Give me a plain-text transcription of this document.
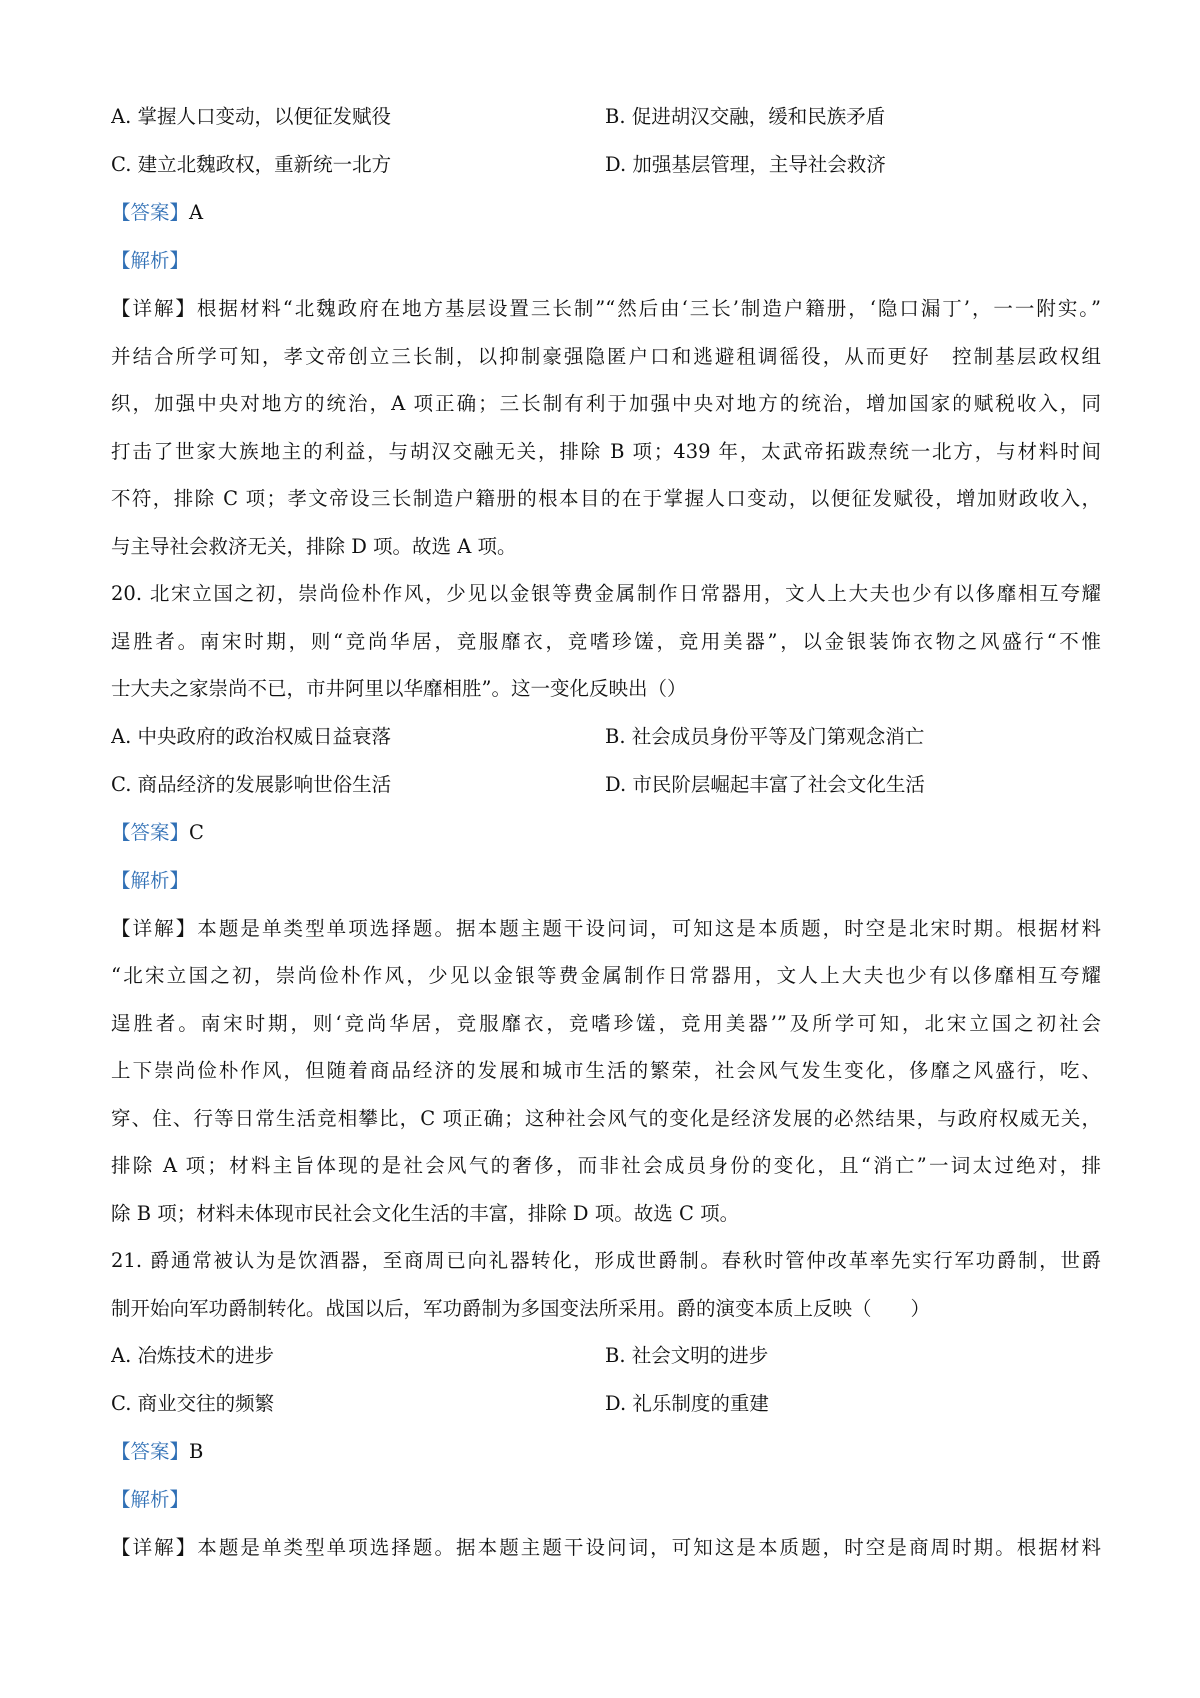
A. 掌握人口变动，以便征发赋役	B. 促进胡汉交融，缓和民族矛盾
C. 建立北魏政权，重新统一北方	D. 加强基层管理，主导社会救济
【答案】A
【解析】
【详解】根据材料“北魏政府在地方基层设置三长制”“然后由‘三长’制造户籍册，‘隐口漏丁’，一一附实。”
并结合所学可知，孝文帝创立三长制，以抑制豪强隐匿户口和逃避租调徭役，从而更好　控制基层政权组
织，加强中央对地方的统治，A 项正确；三长制有利于加强中央对地方的统治，增加国家的赋税收入，同
打击了世家大族地主的利益，与胡汉交融无关，排除 B 项；439 年，太武帝拓跋焘统一北方，与材料时间
不符，排除 C 项；孝文帝设三长制造户籍册的根本目的在于掌握人口变动，以便征发赋役，增加财政收入，
与主导社会救济无关，排除 D 项。故选 A 项。
20. 北宋立国之初，崇尚俭朴作风，少见以金银等费金属制作日常器用，文人上大夫也少有以侈靡相互夸耀
逞胜者。南宋时期，则“竞尚华居，竞服靡衣，竞嗜珍馐，竞用美器”，以金银装饰衣物之风盛行“不惟
士大夫之家崇尚不已，市井阿里以华靡相胜”。这一变化反映出（）
A. 中央政府的政治权威日益衰落	B. 社会成员身份平等及门第观念消亡
C. 商品经济的发展影响世俗生活	D. 市民阶层崛起丰富了社会文化生活
【答案】C
【解析】
【详解】本题是单类型单项选择题。据本题主题干设问词，可知这是本质题，时空是北宋时期。根据材料
“北宋立国之初，崇尚俭朴作风，少见以金银等费金属制作日常器用，文人上大夫也少有以侈靡相互夸耀
逞胜者。南宋时期，则‘竞尚华居，竞服靡衣，竞嗜珍馐，竞用美器’”及所学可知，北宋立国之初社会
上下崇尚俭朴作风，但随着商品经济的发展和城市生活的繁荣，社会风气发生变化，侈靡之风盛行，吃、
穿、住、行等日常生活竞相攀比，C 项正确；这种社会风气的变化是经济发展的必然结果，与政府权威无关，
排除 A 项；材料主旨体现的是社会风气的奢侈，而非社会成员身份的变化，且“消亡”一词太过绝对，排
除 B 项；材料未体现市民社会文化生活的丰富，排除 D 项。故选 C 项。
21. 爵通常被认为是饮酒器，至商周已向礼器转化，形成世爵制。春秋时管仲改革率先实行军功爵制，世爵
制开始向军功爵制转化。战国以后，军功爵制为多国变法所采用。爵的演变本质上反映（　　）
A. 冶炼技术的进步	B. 社会文明的进步
C. 商业交往的频繁	D. 礼乐制度的重建
【答案】B
【解析】
【详解】本题是单类型单项选择题。据本题主题干设问词，可知这是本质题，时空是商周时期。根据材料
